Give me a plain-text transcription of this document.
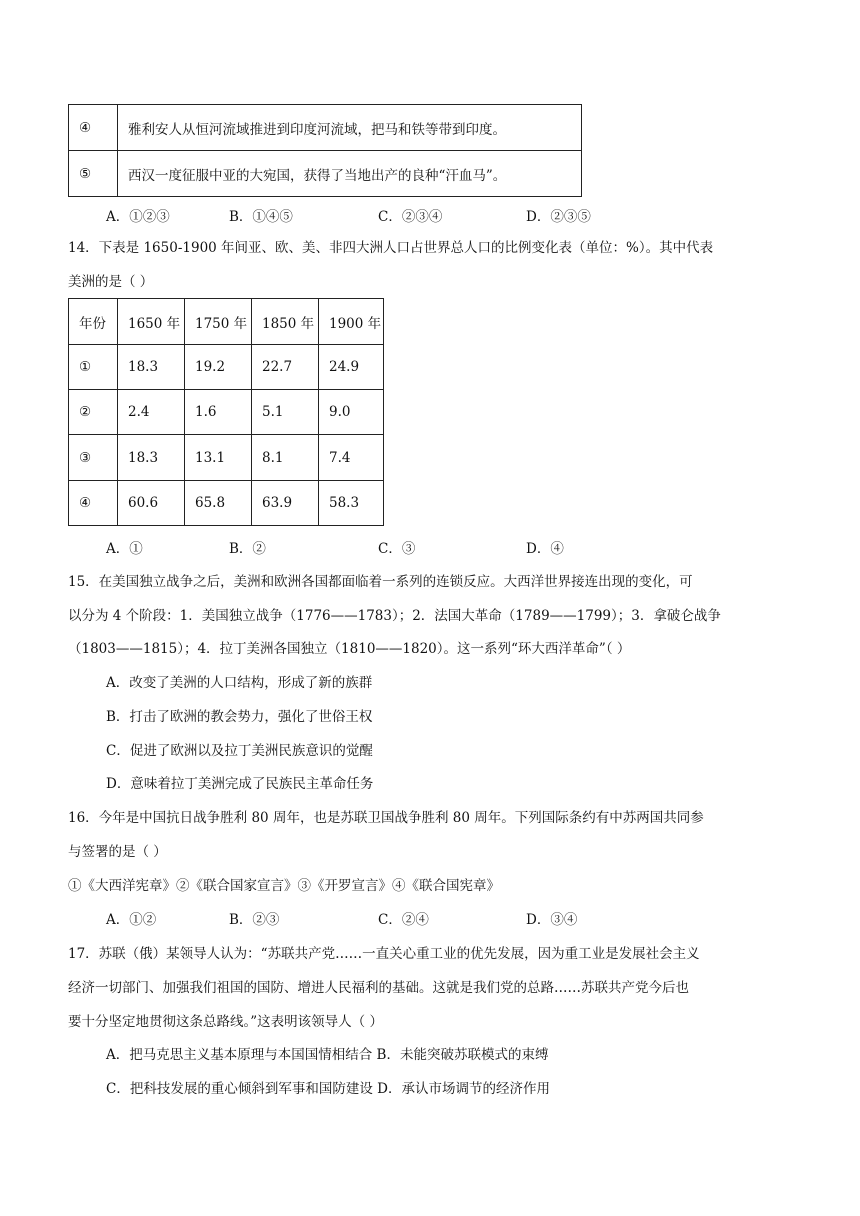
④	雅利安人从恒河流域推进到印度河流域，把马和铁等带到印度。
⑤	西汉一度征服中亚的大宛国，获得了当地出产的良种“汗血马”。
A．①②③	B．①④⑤	C．②③④	D．②③⑤
14．下表是 1650-1900 年间亚、欧、美、非四大洲人口占世界总人口的比例变化表（单位：%）。其中代表
美洲的是（ ）
年份	1650 年	1750 年	1850 年	1900 年
①	18.3	19.2	22.7	24.9
②	2.4	1.6	5.1	9.0
③	18.3	13.1	8.1	7.4
④	60.6	65.8	63.9	58.3
A．①	B．②	C．③	D．④
15．在美国独立战争之后，美洲和欧洲各国都面临着一系列的连锁反应。大西洋世界接连出现的变化，可
以分为 4 个阶段：1．美国独立战争（1776——1783）；2．法国大革命（1789——1799）；3．拿破仑战争
（1803——1815）；4．拉丁美洲各国独立（1810——1820）。这一系列“环大西洋革命”（ ）
A．改变了美洲的人口结构，形成了新的族群
B．打击了欧洲的教会势力，强化了世俗王权
C．促进了欧洲以及拉丁美洲民族意识的觉醒
D．意味着拉丁美洲完成了民族民主革命任务
16．今年是中国抗日战争胜利 80 周年，也是苏联卫国战争胜利 80 周年。下列国际条约有中苏两国共同参
与签署的是（ ）
①《大西洋宪章》②《联合国家宣言》③《开罗宣言》④《联合国宪章》
A．①②	B．②③	C．②④	D．③④
17．苏联（俄）某领导人认为：“苏联共产党……一直关心重工业的优先发展，因为重工业是发展社会主义
经济一切部门、加强我们祖国的国防、增进人民福利的基础。这就是我们党的总路……苏联共产党今后也
要十分坚定地贯彻这条总路线。”这表明该领导人（ ）
A．把马克思主义基本原理与本国国情相结合 B．未能突破苏联模式的束缚
C．把科技发展的重心倾斜到军事和国防建设 D．承认市场调节的经济作用
